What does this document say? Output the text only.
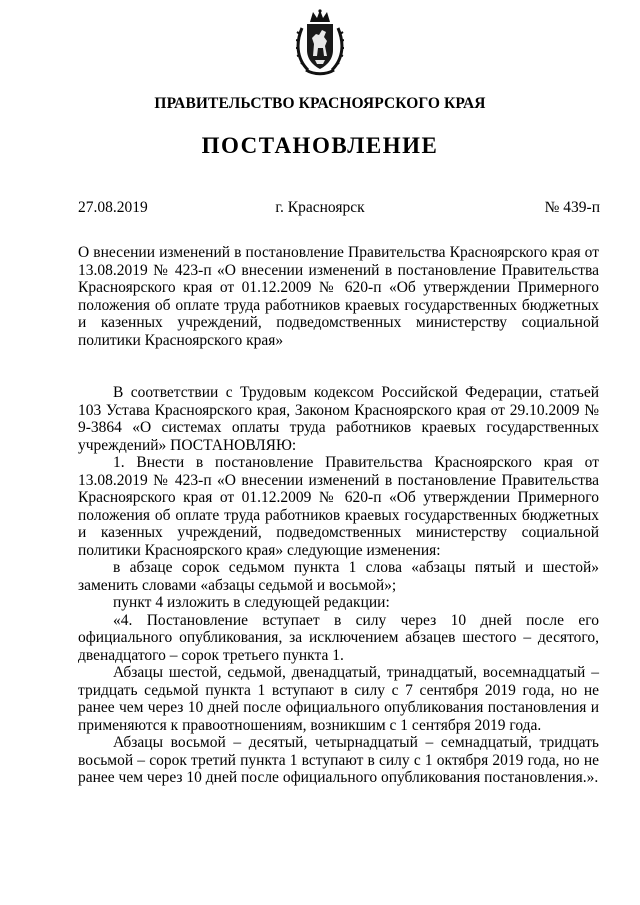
ПРАВИТЕЛЬСТВО КРАСНОЯРСКОГО КРАЯ
ПОСТАНОВЛЕНИЕ
27.08.2019	г. Красноярск	№ 439-п

О внесении изменений в постановление Правительства Красноярского края от 13.08.2019 № 423-п «О внесении изменений в постановление Правительства Красноярского края от 01.12.2009 № 620-п «Об утверждении Примерного положения об оплате труда работников краевых государственных бюджетных и казенных учреждений, подведомственных министерству социальной политики Красноярского края»

В соответствии с Трудовым кодексом Российской Федерации, статьей 103 Устава Красноярского края, Законом Красноярского края от 29.10.2009 № 9-3864 «О системах оплаты труда работников краевых государственных учреждений» ПОСТАНОВЛЯЮ:

1. Внести в постановление Правительства Красноярского края от 13.08.2019 № 423-п «О внесении изменений в постановление Правительства Красноярского края от 01.12.2009 № 620-п «Об утверждении Примерного положения об оплате труда работников краевых государственных бюджетных и казенных учреждений, подведомственных министерству социальной политики Красноярского края» следующие изменения:

в абзаце сорок седьмом пункта 1 слова «абзацы пятый и шестой» заменить словами «абзацы седьмой и восьмой»;

пункт 4 изложить в следующей редакции:

«4. Постановление вступает в силу через 10 дней после его официального опубликования, за исключением абзацев шестого – десятого, двенадцатого – сорок третьего пункта 1.

Абзацы шестой, седьмой, двенадцатый, тринадцатый, восемнадцатый – тридцать седьмой пункта 1 вступают в силу с 7 сентября 2019 года, но не ранее чем через 10 дней после официального опубликования постановления и применяются к правоотношениям, возникшим с 1 сентября 2019 года.

Абзацы восьмой – десятый, четырнадцатый – семнадцатый, тридцать восьмой – сорок третий пункта 1 вступают в силу с 1 октября 2019 года, но не ранее чем через 10 дней после официального опубликования постановления.».
